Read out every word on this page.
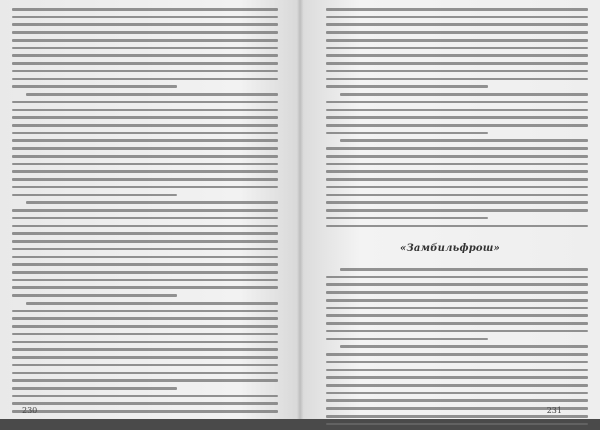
230
«Замбильфрош»
231
